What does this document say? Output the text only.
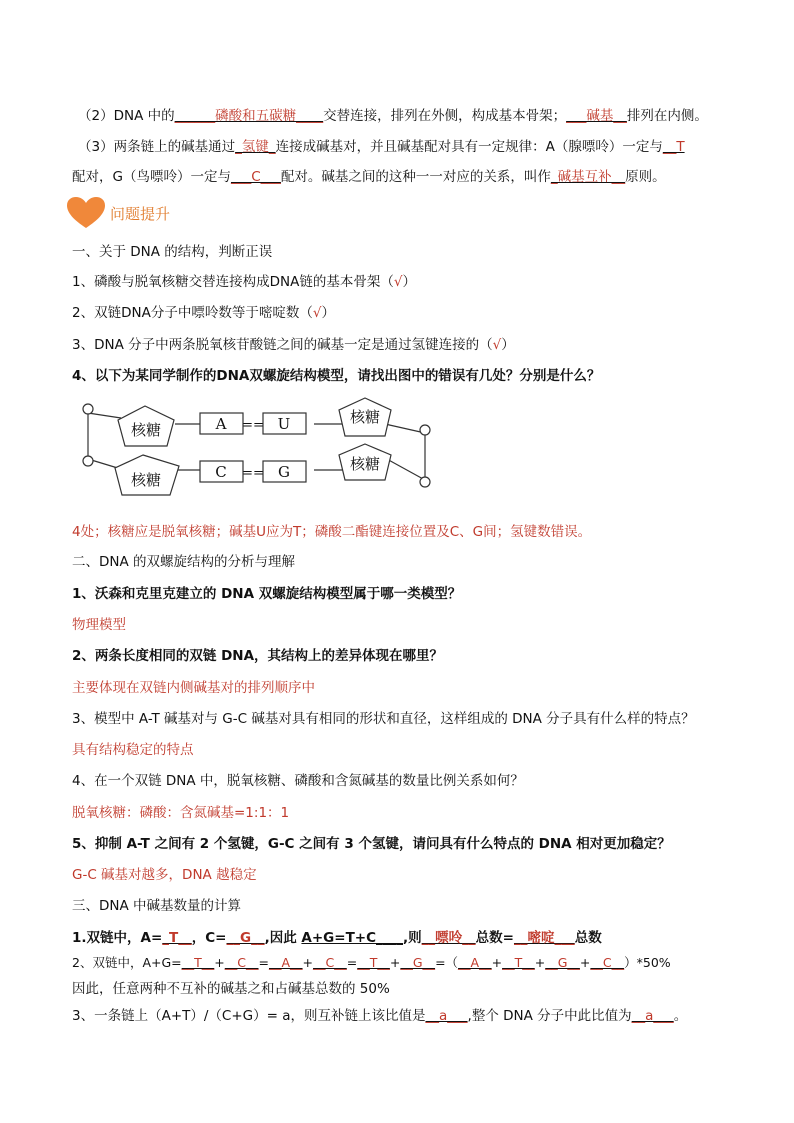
（2）DNA 中的______磷酸和五碳糖____交替连接，排列在外侧，构成基本骨架；___碱基__排列在内侧。
（3）两条链上的碱基通过_氢键_连接成碱基对，并且碱基配对具有一定规律：A（腺嘌呤）一定与__T
配对，G（鸟嘌呤）一定与___C___配对。碱基之间的这种一一对应的关系，叫作_碱基互补__原则。
问题提升
一、关于 DNA 的结构，判断正误
1、磷酸与脱氧核糖交替连接构成DNA链的基本骨架（√）
2、双链DNA分子中嘌呤数等于嘧啶数（√）
3、DNA 分子中两条脱氧核苷酸链之间的碱基一定是通过氢键连接的（√）
4、以下为某同学制作的DNA双螺旋结构模型，请找出图中的错误有几处？分别是什么？
核糖
核糖
核糖
核糖
A	U
C	G
==
==
4处；核糖应是脱氧核糖；碱基U应为T；磷酸二酯键连接位置及C、G间；氢键数错误。
二、DNA 的双螺旋结构的分析与理解
1、沃森和克里克建立的 DNA 双螺旋结构模型属于哪一类模型？
物理模型
2、两条长度相同的双链 DNA，其结构上的差异体现在哪里？
主要体现在双链内侧碱基对的排列顺序中
3、模型中 A-T 碱基对与 G-C 碱基对具有相同的形状和直径，这样组成的 DNA 分子具有什么样的特点？
具有结构稳定的特点
4、在一个双链 DNA 中，脱氧核糖、磷酸和含氮碱基的数量比例关系如何？
脱氧核糖：磷酸：含氮碱基=1:1：1
5、抑制 A-T 之间有 2 个氢键，G-C 之间有 3 个氢键，请问具有什么特点的 DNA 相对更加稳定？
G-C 碱基对越多，DNA 越稳定
三、DNA 中碱基数量的计算
1.双链中，A=_T__，C=__G__,因此 A+G=T+C____,则__嘌呤__总数=__嘧啶___总数
2、双链中，A+G=__T__+__C__=__A__+__C__=__T__+__G__=（__A__+__T__+__G__+__C__）*50%
因此，任意两种不互补的碱基之和占碱基总数的 50%
3、一条链上（A+T）/（C+G）= a，则互补链上该比值是__a___,整个 DNA 分子中此比值为__a___。
